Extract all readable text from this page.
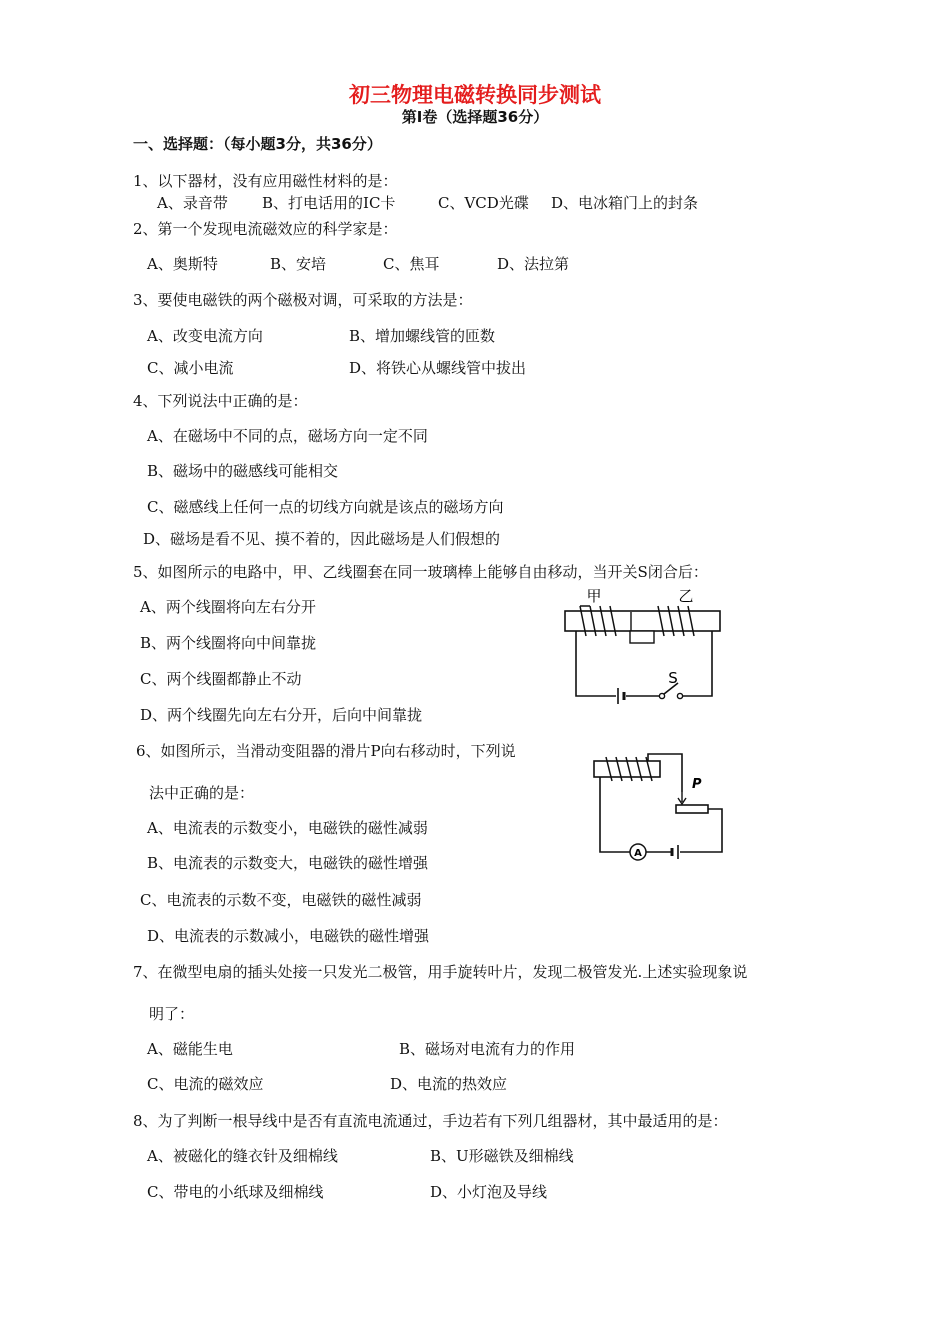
初三物理电磁转换同步测试
第I卷（选择题36分）
一、选择题：（每小题3分，共36分）
1、以下器材，没有应用磁性材料的是：
A、录音带 B、打电话用的IC卡	C、VCD光碟 D、电冰箱门上的封条
2、第一个发现电流磁效应的科学家是：
A、奥斯特	B、安培	C、焦耳	D、法拉第
3、要使电磁铁的两个磁极对调，可采取的方法是：
A、改变电流方向	B、增加螺线管的匝数
C、减小电流	D、将铁心从螺线管中拔出
4、下列说法中正确的是：
A、在磁场中不同的点，磁场方向一定不同
B、磁场中的磁感线可能相交
C、磁感线上任何一点的切线方向就是该点的磁场方向
D、磁场是看不见、摸不着的，因此磁场是人们假想的
5、如图所示的电路中，甲、乙线圈套在同一玻璃棒上能够自由移动，当开关S闭合后：
A、两个线圈将向左右分开
B、两个线圈将向中间靠拢
C、两个线圈都静止不动
D、两个线圈先向左右分开，后向中间靠拢
甲	乙
S
6、如图所示，当滑动变阻器的滑片P向右移动时，下列说
法中正确的是：
A、电流表的示数变小，电磁铁的磁性减弱
B、电流表的示数变大，电磁铁的磁性增强
C、电流表的示数不变，电磁铁的磁性减弱
D、电流表的示数减小，电磁铁的磁性增强
P
A
7、在微型电扇的插头处接一只发光二极管，用手旋转叶片，发现二极管发光.上述实验现象说
明了：
A、磁能生电	B、磁场对电流有力的作用
C、电流的磁效应	D、电流的热效应
8、为了判断一根导线中是否有直流电流通过，手边若有下列几组器材，其中最适用的是：
A、被磁化的缝衣针及细棉线	B、U形磁铁及细棉线
C、带电的小纸球及细棉线	D、小灯泡及导线
